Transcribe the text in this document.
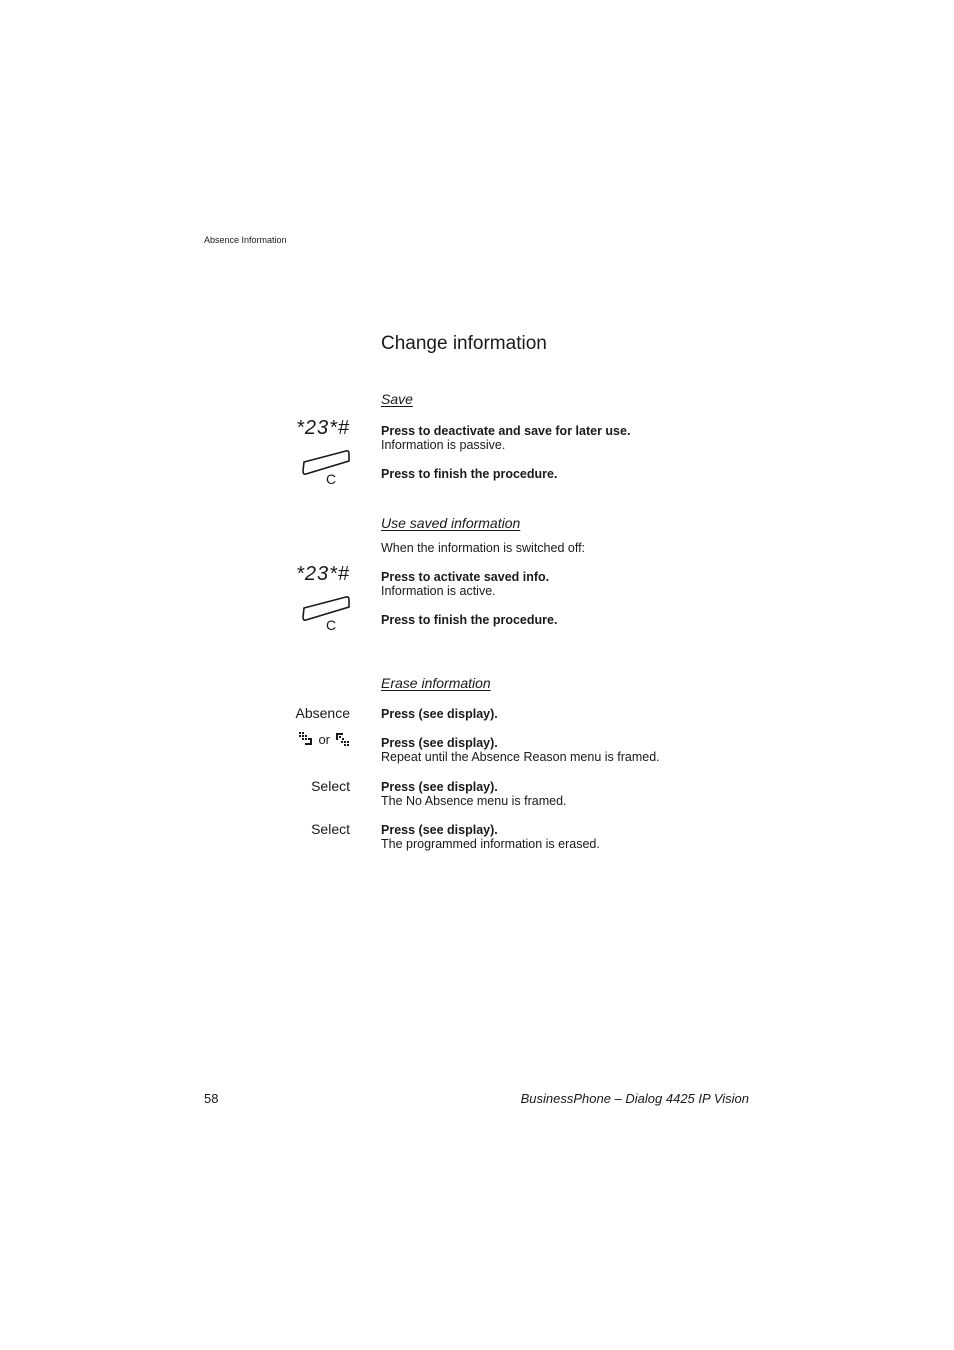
Absence Information
Change information
Save
*23*# Press to deactivate and save for later use.
Information is passive.
C	Press to finish the procedure.
Use saved information
When the information is switched off:
*23*# Press to activate saved info.
Information is active.
C	Press to finish the procedure.
Erase information
Absence Press (see display).
or	Press (see display).
Repeat until the Absence Reason menu is framed.
Select Press (see display).
The No Absence menu is framed.
Select Press (see display).
The programmed information is erased.
58	BusinessPhone – Dialog 4425 IP Vision
